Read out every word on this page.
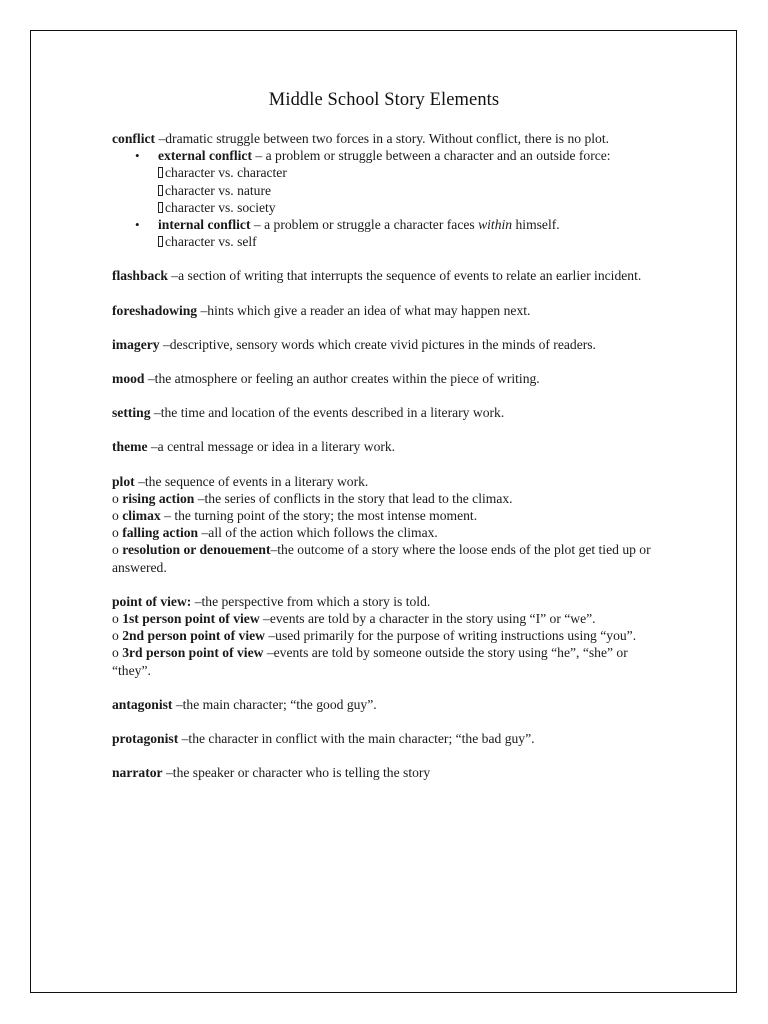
Middle School Story Elements

conflict –dramatic struggle between two forces in a story. Without conflict, there is no plot.

• external conflict – a problem or struggle between a character and an outside force:
character vs. character
character vs. nature
character vs. society
• internal conflict – a problem or struggle a character faces within himself.
character vs. self

flashback –a section of writing that interrupts the sequence of events to relate an earlier incident.

foreshadowing –hints which give a reader an idea of what may happen next.

imagery –descriptive, sensory words which create vivid pictures in the minds of readers.

mood –the atmosphere or feeling an author creates within the piece of writing.

setting –the time and location of the events described in a literary work.

theme –a central message or idea in a literary work.

plot –the sequence of events in a literary work.

o rising action –the series of conflicts in the story that lead to the climax.
o climax – the turning point of the story; the most intense moment.
o falling action –all of the action which follows the climax.
o resolution or denouement–the outcome of a story where the loose ends of the plot get tied up or answered.

point of view: –the perspective from which a story is told.

o 1st person point of view –events are told by a character in the story using “I” or “we”.
o 2nd person point of view –used primarily for the purpose of writing instructions using “you”.
o 3rd person point of view –events are told by someone outside the story using “he”, “she” or “they”.

antagonist –the main character; “the good guy”.

protagonist –the character in conflict with the main character; “the bad guy”.

narrator –the speaker or character who is telling the story
